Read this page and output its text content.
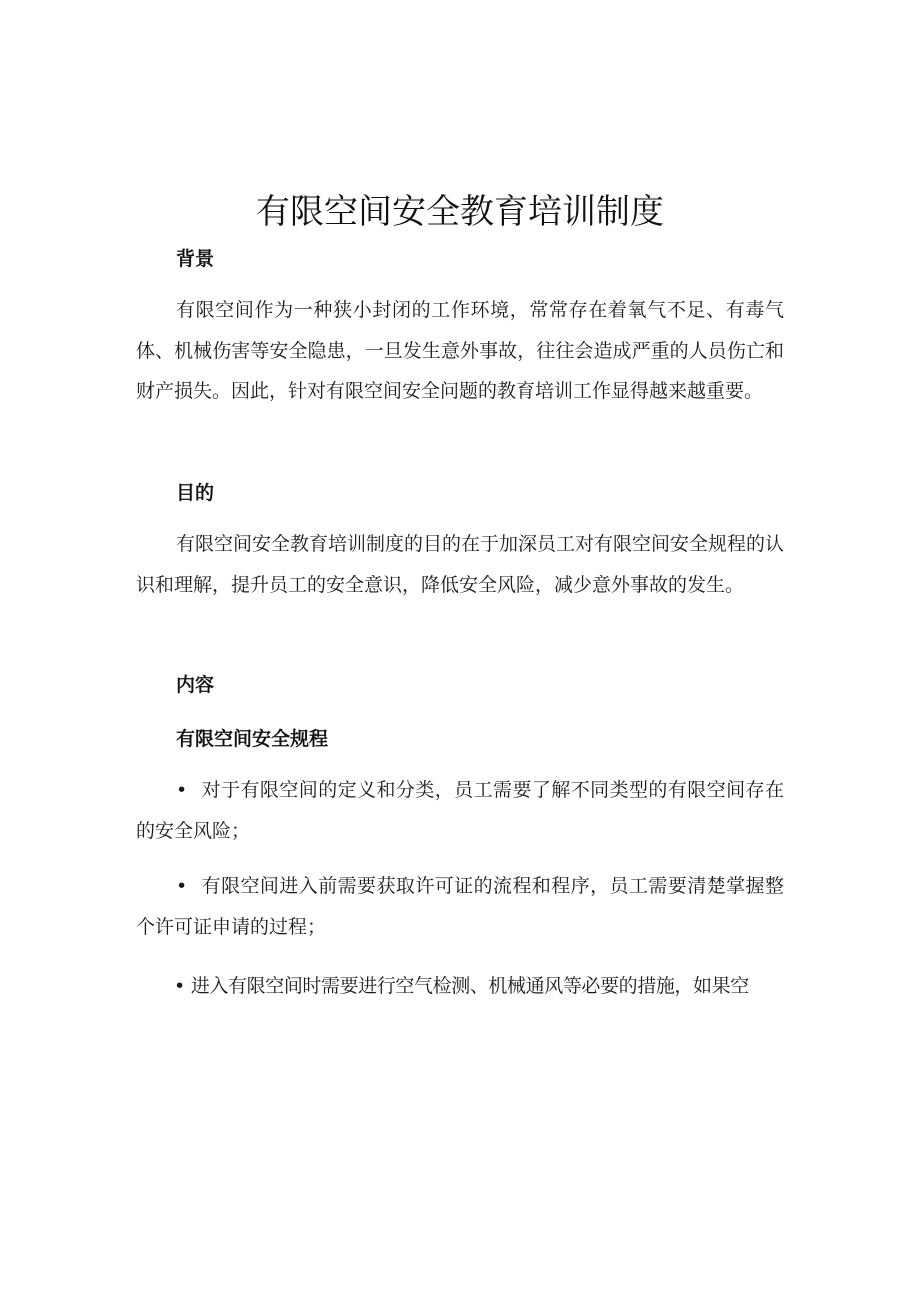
有限空间安全教育培训制度
背景

有限空间作为一种狭小封闭的工作环境，常常存在着氧气不足、有毒气体、机械伤害等安全隐患，一旦发生意外事故，往往会造成严重的人员伤亡和财产损失。因此，针对有限空间安全问题的教育培训工作显得越来越重要。

目的

有限空间安全教育培训制度的目的在于加深员工对有限空间安全规程的认识和理解，提升员工的安全意识，降低安全风险，减少意外事故的发生。

内容
有限空间安全规程

• 对于有限空间的定义和分类，员工需要了解不同类型的有限空间存在的安全风险；

• 有限空间进入前需要获取许可证的流程和程序，员工需要清楚掌握整个许可证申请的过程；

• 进入有限空间时需要进行空气检测、机械通风等必要的措施，如果空
